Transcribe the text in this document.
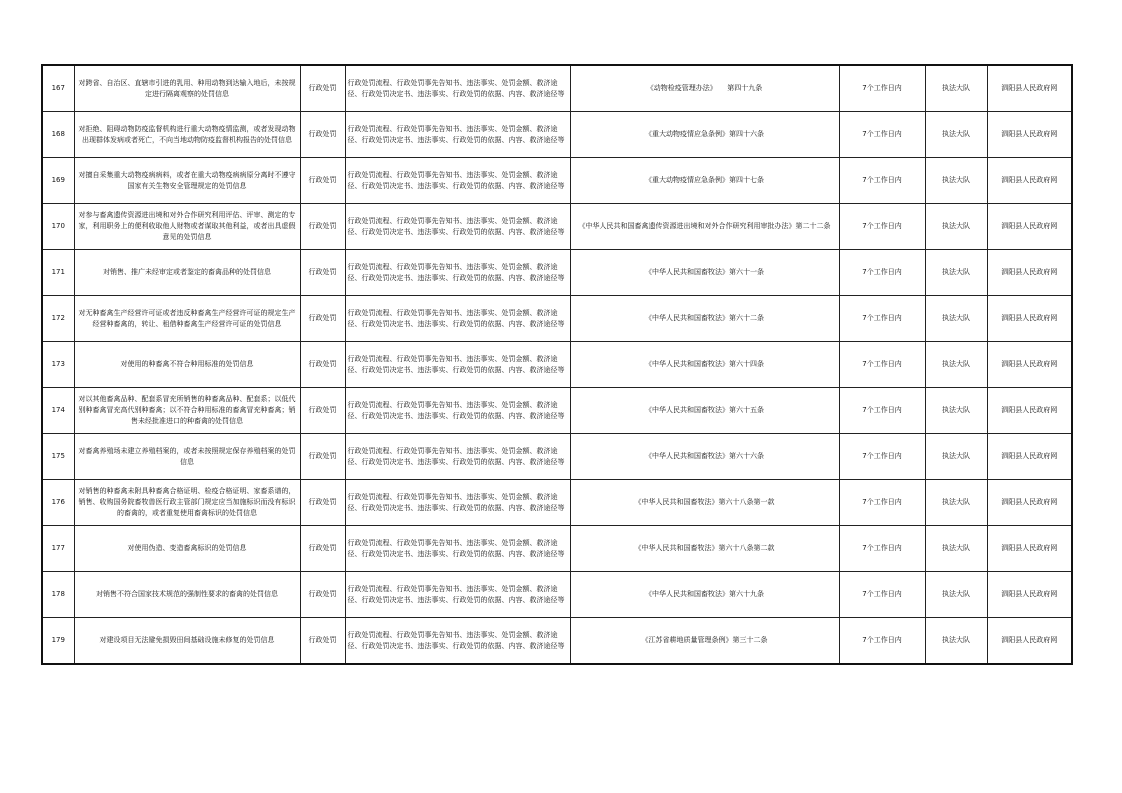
167	对跨省、自治区、直辖市引进的乳用、种用动物到达输入地后，未按规定进行隔离观察的处罚信息	行政处罚	行政处罚流程、行政处罚事先告知书、违法事实、处罚金额、救济途径、行政处罚决定书、违法事实、行政处罚的依据、内容、救济途径等	《动物检疫管理办法》　　第四十九条	7个工作日内	执法大队	泗阳县人民政府网
168	对拒绝、阻碍动物防疫监督机构进行重大动物疫情监测，或者发现动物出现群体发病或者死亡，不向当地动物防疫监督机构报告的处罚信息	行政处罚	行政处罚流程、行政处罚事先告知书、违法事实、处罚金额、救济途径、行政处罚决定书、违法事实、行政处罚的依据、内容、救济途径等	《重大动物疫情应急条例》第四十六条	7个工作日内	执法大队	泗阳县人民政府网
169	对擅自采集重大动物疫病病料，或者在重大动物疫病病原分离时不遵守国家有关生物安全管理规定的处罚信息	行政处罚	行政处罚流程、行政处罚事先告知书、违法事实、处罚金额、救济途径、行政处罚决定书、违法事实、行政处罚的依据、内容、救济途径等	《重大动物疫情应急条例》第四十七条	7个工作日内	执法大队	泗阳县人民政府网
170	对参与畜禽遗传资源进出境和对外合作研究利用评估、评审、测定的专家，利用职务上的便利收取他人财物或者谋取其他利益，或者出具虚假意见的处罚信息	行政处罚	行政处罚流程、行政处罚事先告知书、违法事实、处罚金额、救济途径、行政处罚决定书、违法事实、行政处罚的依据、内容、救济途径等	《中华人民共和国畜禽遗传资源进出境和对外合作研究利用审批办法》第二十二条	7个工作日内	执法大队	泗阳县人民政府网
171	对销售、推广未经审定或者鉴定的畜禽品种的处罚信息	行政处罚	行政处罚流程、行政处罚事先告知书、违法事实、处罚金额、救济途径、行政处罚决定书、违法事实、行政处罚的依据、内容、救济途径等	《中华人民共和国畜牧法》第六十一条	7个工作日内	执法大队	泗阳县人民政府网
172	对无种畜禽生产经营许可证或者违反种畜禽生产经营许可证的规定生产经营种畜禽的，转让、租借种畜禽生产经营许可证的处罚信息	行政处罚	行政处罚流程、行政处罚事先告知书、违法事实、处罚金额、救济途径、行政处罚决定书、违法事实、行政处罚的依据、内容、救济途径等	《中华人民共和国畜牧法》第六十二条	7个工作日内	执法大队	泗阳县人民政府网
173	对使用的种畜禽不符合种用标准的处罚信息	行政处罚	行政处罚流程、行政处罚事先告知书、违法事实、处罚金额、救济途径、行政处罚决定书、违法事实、行政处罚的依据、内容、救济途径等	《中华人民共和国畜牧法》第六十四条	7个工作日内	执法大队	泗阳县人民政府网
174	对以其他畜禽品种、配套系冒充所销售的种畜禽品种、配套系；以低代别种畜禽冒充高代别种畜禽；以不符合种用标准的畜禽冒充种畜禽；销售未经批准进口的种畜禽的处罚信息	行政处罚	行政处罚流程、行政处罚事先告知书、违法事实、处罚金额、救济途径、行政处罚决定书、违法事实、行政处罚的依据、内容、救济途径等	《中华人民共和国畜牧法》第六十五条	7个工作日内	执法大队	泗阳县人民政府网
175	对畜禽养殖场未建立养殖档案的，或者未按照规定保存养殖档案的处罚信息	行政处罚	行政处罚流程、行政处罚事先告知书、违法事实、处罚金额、救济途径、行政处罚决定书、违法事实、行政处罚的依据、内容、救济途径等	《中华人民共和国畜牧法》第六十六条	7个工作日内	执法大队	泗阳县人民政府网
176	对销售的种畜禽未附具种畜禽合格证明、检疫合格证明、家畜系谱的，销售、收购国务院畜牧兽医行政主管部门规定应当加施标识而没有标识的畜禽的，或者重复使用畜禽标识的处罚信息	行政处罚	行政处罚流程、行政处罚事先告知书、违法事实、处罚金额、救济途径、行政处罚决定书、违法事实、行政处罚的依据、内容、救济途径等	《中华人民共和国畜牧法》第六十八条第一款	7个工作日内	执法大队	泗阳县人民政府网
177	对使用伪造、变造畜禽标识的处罚信息	行政处罚	行政处罚流程、行政处罚事先告知书、违法事实、处罚金额、救济途径、行政处罚决定书、违法事实、行政处罚的依据、内容、救济途径等	《中华人民共和国畜牧法》第六十八条第二款	7个工作日内	执法大队	泗阳县人民政府网
178	对销售不符合国家技术规范的强制性要求的畜禽的处罚信息	行政处罚	行政处罚流程、行政处罚事先告知书、违法事实、处罚金额、救济途径、行政处罚决定书、违法事实、行政处罚的依据、内容、救济途径等	《中华人民共和国畜牧法》第六十九条	7个工作日内	执法大队	泗阳县人民政府网
179	对建设项目无法避免损毁田间基础设施未修复的处罚信息	行政处罚	行政处罚流程、行政处罚事先告知书、违法事实、处罚金额、救济途径、行政处罚决定书、违法事实、行政处罚的依据、内容、救济途径等	《江苏省耕地质量管理条例》第三十二条	7个工作日内	执法大队	泗阳县人民政府网
